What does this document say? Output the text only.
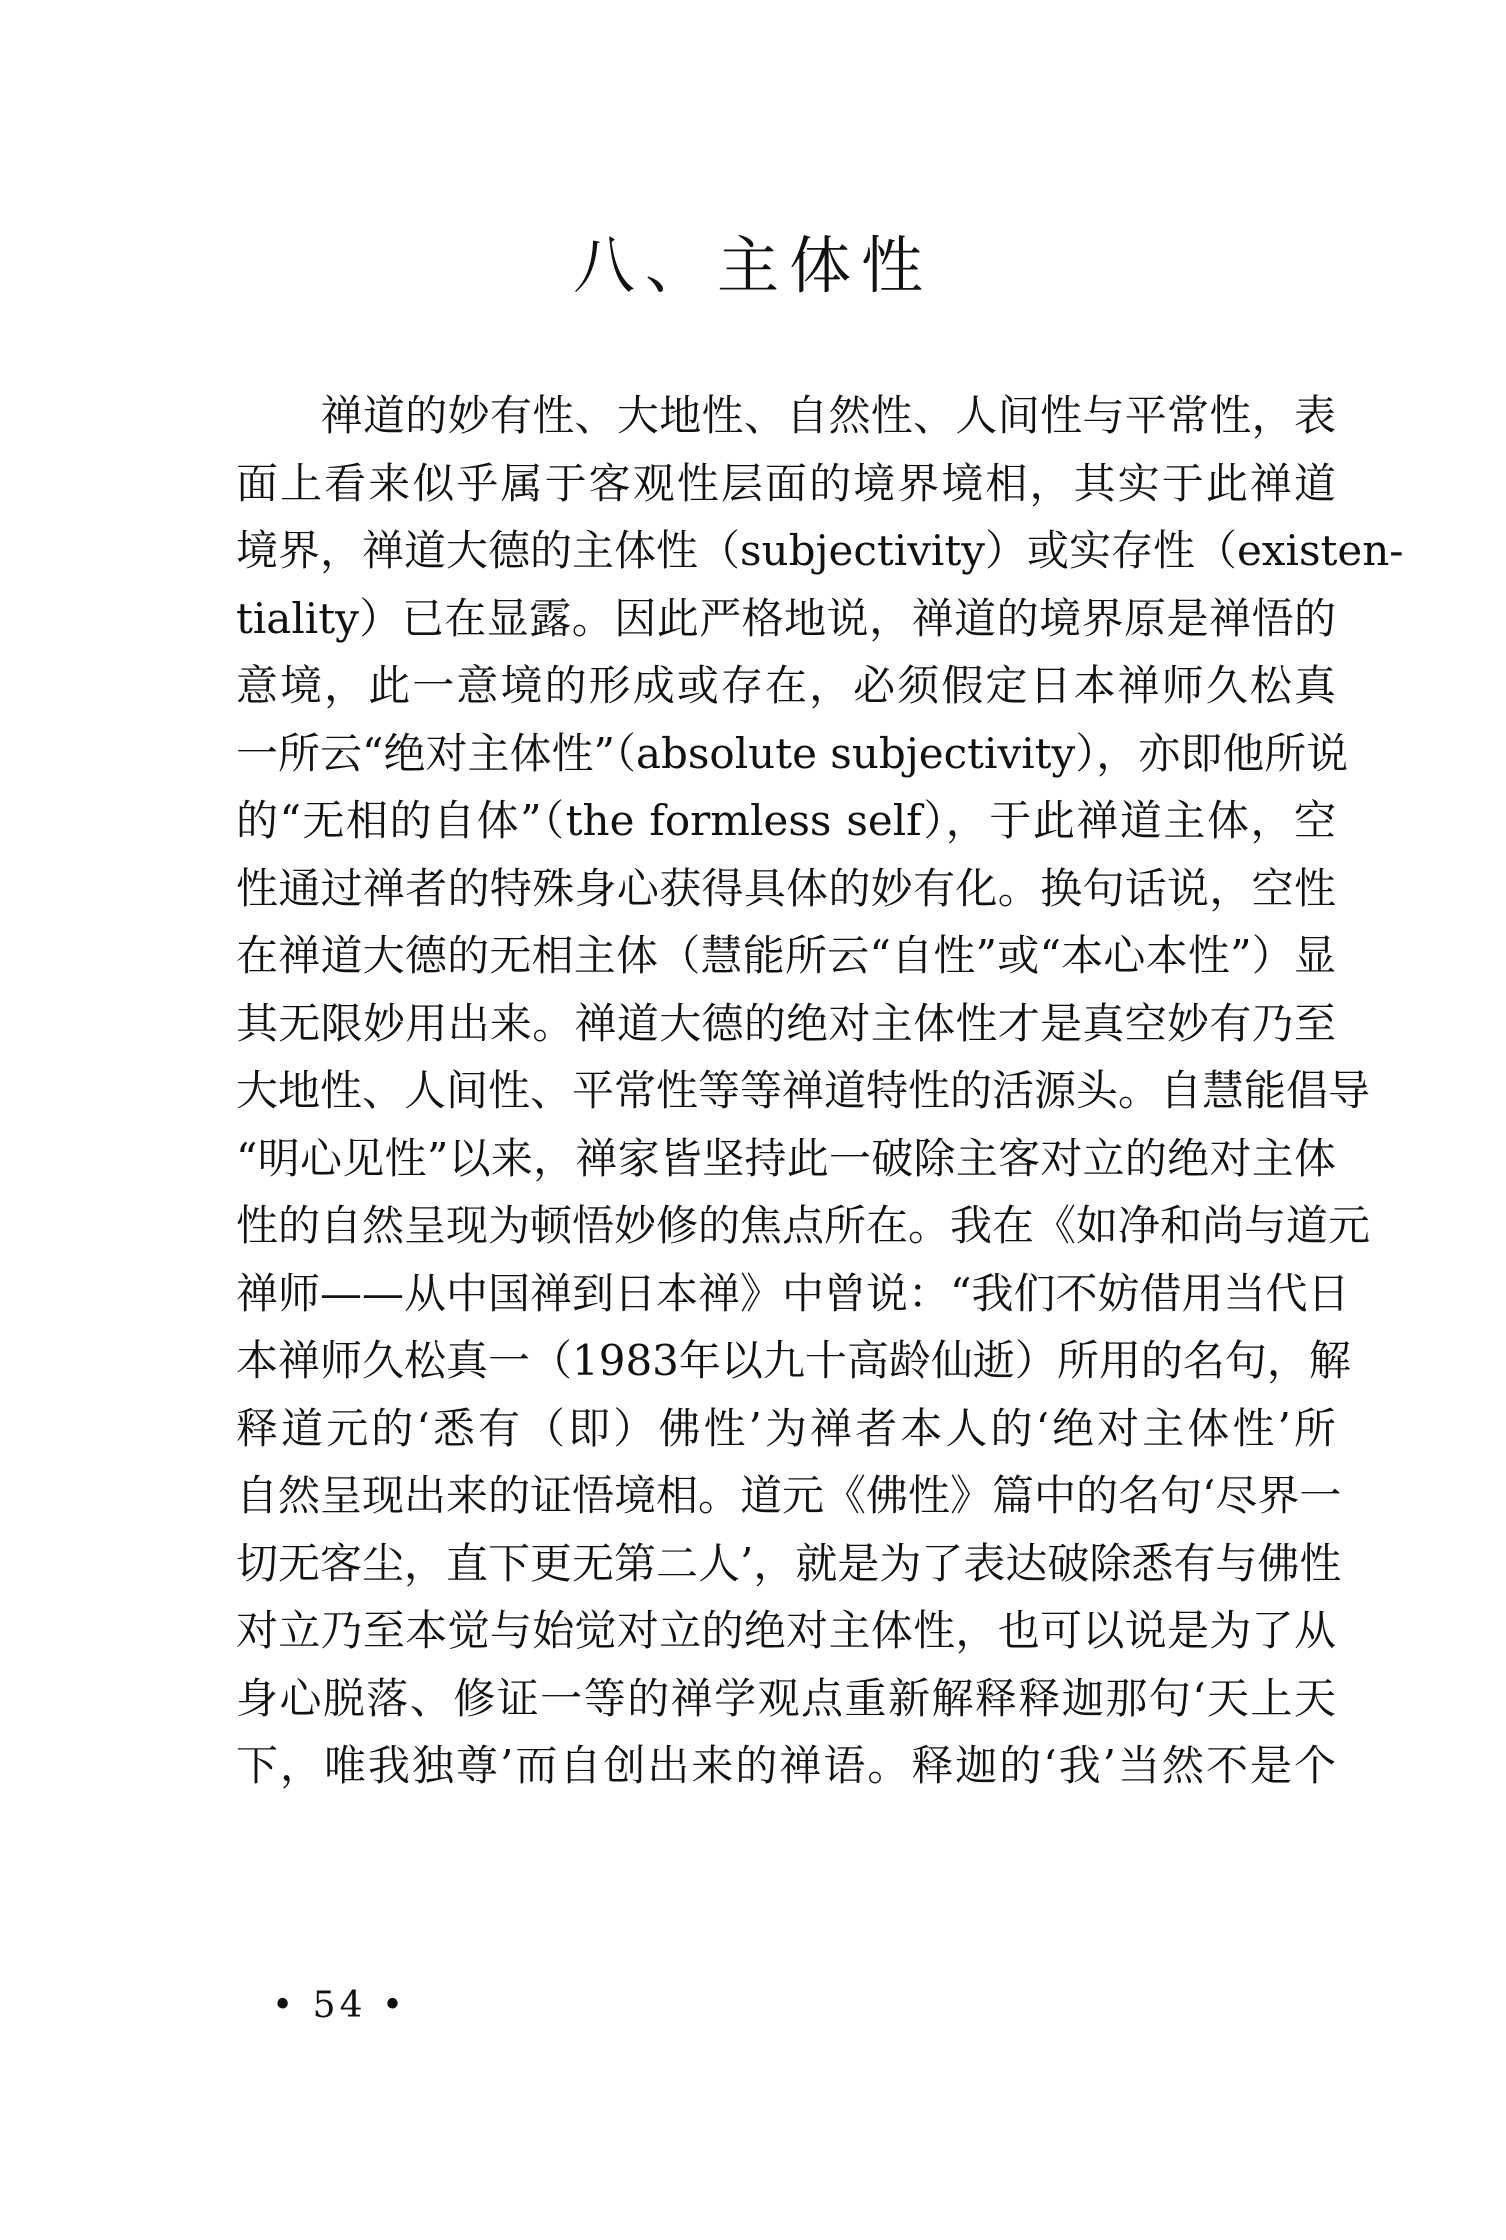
八、主体性
　　禅道的妙有性、大地性、自然性、人间性与平常性，表
面上看来似乎属于客观性层面的境界境相，其实于此禅道
境界，禅道大德的主体性（subjectivity）或实存性（existen-
tiality）已在显露。因此严格地说，禅道的境界原是禅悟的
意境，此一意境的形成或存在，必须假定日本禅师久松真
一所云“绝对主体性”（absolute subjectivity），亦即他所说
的“无相的自体”（the formless self），于此禅道主体，空
性通过禅者的特殊身心获得具体的妙有化。换句话说，空性
在禅道大德的无相主体（慧能所云“自性”或“本心本性”）显
其无限妙用出来。禅道大德的绝对主体性才是真空妙有乃至
大地性、人间性、平常性等等禅道特性的活源头。自慧能倡导
“明心见性”以来，禅家皆坚持此一破除主客对立的绝对主体
性的自然呈现为顿悟妙修的焦点所在。我在《如净和尚与道元
禅师——从中国禅到日本禅》中曾说：“我们不妨借用当代日
本禅师久松真一（1983年以九十高龄仙逝）所用的名句，解
释道元的‘悉有（即）佛性’为禅者本人的‘绝对主体性’所
自然呈现出来的证悟境相。道元《佛性》篇中的名句‘尽界一
切无客尘，直下更无第二人’，就是为了表达破除悉有与佛性
对立乃至本觉与始觉对立的绝对主体性，也可以说是为了从
身心脱落、修证一等的禅学观点重新解释释迦那句‘天上天
下，唯我独尊’而自创出来的禅语。释迦的‘我’当然不是个
• 54 •
